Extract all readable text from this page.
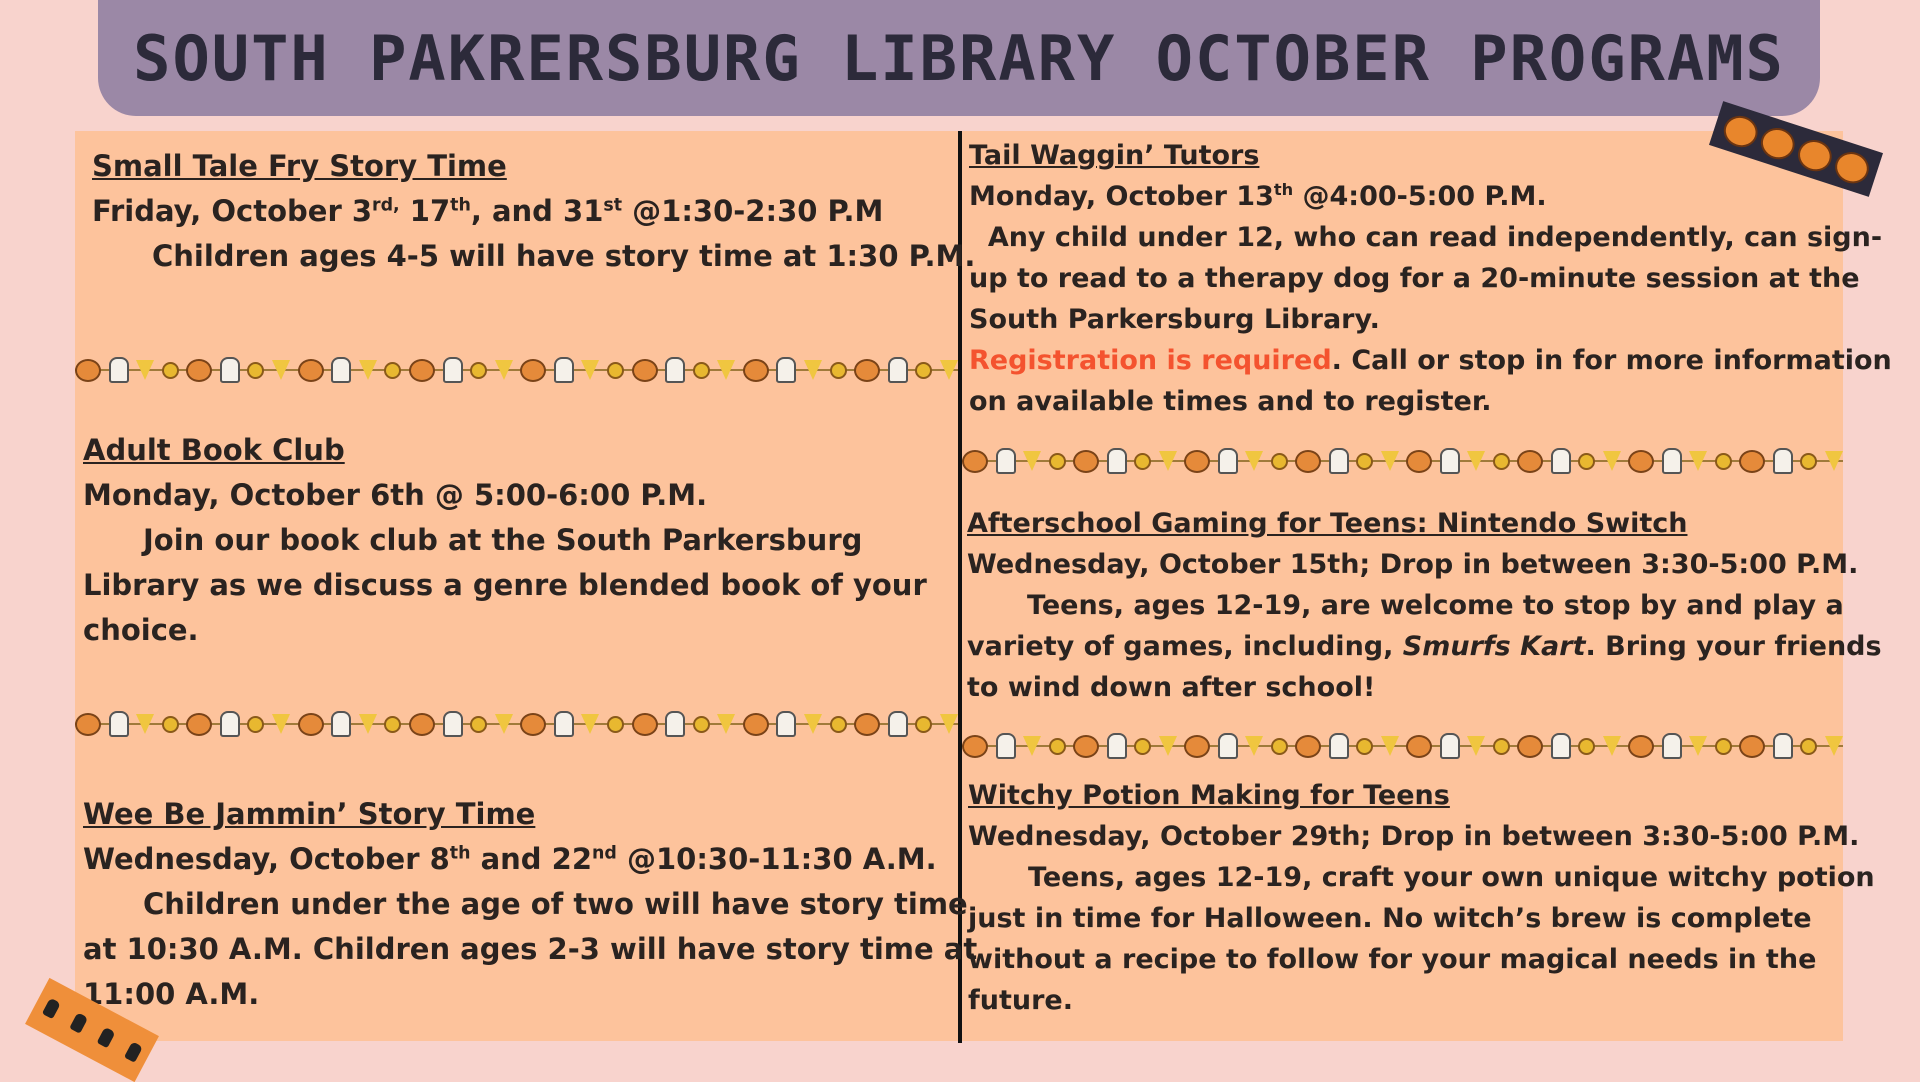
SOUTH PAKRERSBURG LIBRARY OCTOBER PROGRAMS
Small Tale Fry Story Time
Friday, October $3^{rd,}$ 17th, and 31st @1:30-2:30 P.M
Children ages 4-5 will have story time at 1:30 P.M.
Adult Book Club
Monday, October 6th @ 5:00-6:00 P.M.
Join our book club at the South Parkersburg
Library as we discuss a genre blended book of your
choice.
Wee Be Jammin’ Story Time
Wednesday, October 8th and 22nd @10:30-11:30 A.M.
Children under the age of two will have story time
at 10:30 A.M. Children ages 2-3 will have story time at
11:00 A.M.
Tail Waggin’ Tutors
Monday, October 13th @4:00-5:00 P.M.
Any child under 12, who can read independently, can sign-
up to read to a therapy dog for a 20-minute session at the
South Parkersburg Library.
Registration is required. Call or stop in for more information
on available times and to register.
Afterschool Gaming for Teens: Nintendo Switch
Wednesday, October 15th; Drop in between 3:30-5:00 P.M.
Teens, ages 12-19, are welcome to stop by and play a
variety of games, including, Smurfs Kart. Bring your friends
to wind down after school!
Witchy Potion Making for Teens
Wednesday, October 29th; Drop in between 3:30-5:00 P.M.
Teens, ages 12-19, craft your own unique witchy potion
just in time for Halloween. No witch’s brew is complete
without a recipe to follow for your magical needs in the
future.
